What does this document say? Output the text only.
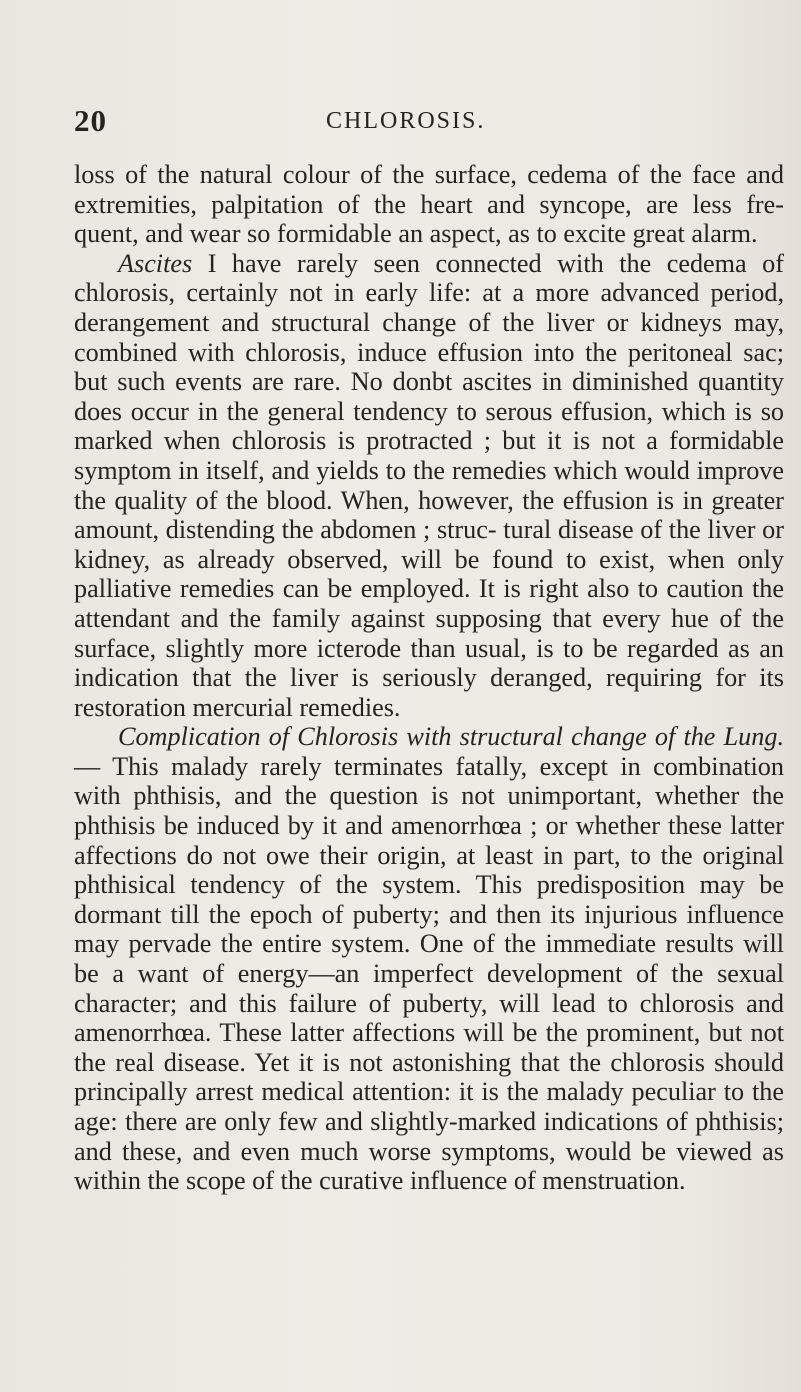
20	CHLOROSIS.

loss of the natural colour of the surface, cedema of the face and extremities, palpitation of the heart and syncope, are less fre- quent, and wear so formidable an aspect, as to excite great alarm.

Ascites I have rarely seen connected with the cedema of chlorosis, certainly not in early life: at a more advanced period, derangement and structural change of the liver or kidneys may, combined with chlorosis, induce effusion into the peritoneal sac; but such events are rare. No donbt ascites in diminished quantity does occur in the general tendency to serous effusion, which is so marked when chlorosis is protracted ; but it is not a formidable symptom in itself, and yields to the remedies which would improve the quality of the blood. When, however, the effusion is in greater amount, distending the abdomen ; struc- tural disease of the liver or kidney, as already observed, will be found to exist, when only palliative remedies can be employed. It is right also to caution the attendant and the family against supposing that every hue of the surface, slightly more icterode than usual, is to be regarded as an indication that the liver is seriously deranged, requiring for its restoration mercurial remedies.

Complication of Chlorosis with structural change of the Lung.— This malady rarely terminates fatally, except in combination with phthisis, and the question is not unimportant, whether the phthisis be induced by it and amenorrhœa ; or whether these latter affections do not owe their origin, at least in part, to the original phthisical tendency of the system. This predisposition may be dormant till the epoch of puberty; and then its injurious influence may pervade the entire system. One of the immediate results will be a want of energy—an imperfect development of the sexual character; and this failure of puberty, will lead to chlorosis and amenorrhœa. These latter affections will be the prominent, but not the real disease. Yet it is not astonishing that the chlorosis should principally arrest medical attention: it is the malady peculiar to the age: there are only few and slightly-marked indications of phthisis; and these, and even much worse symptoms, would be viewed as within the scope of the curative influence of menstruation.
